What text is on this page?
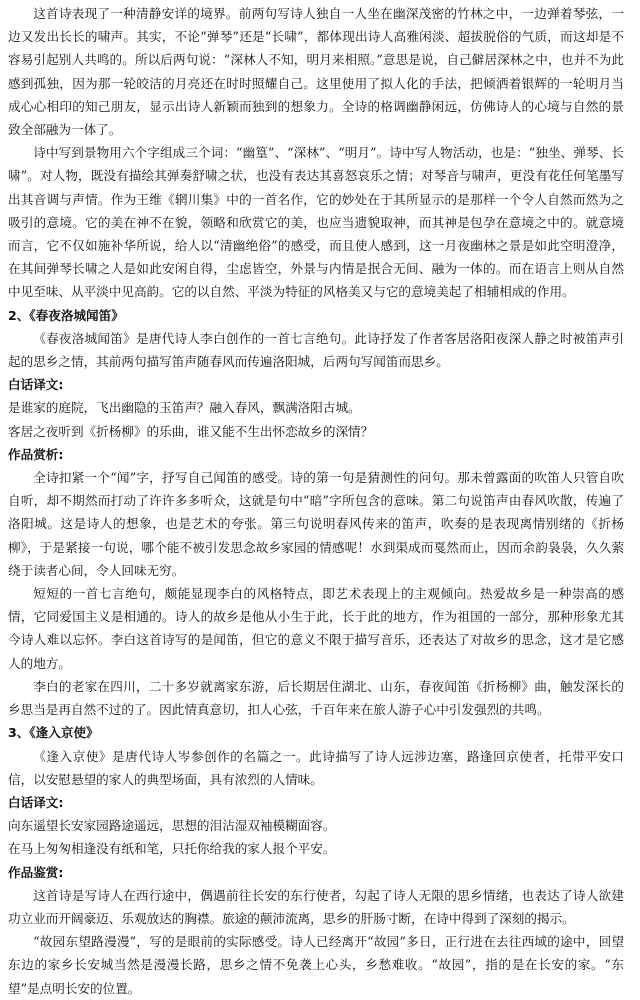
这首诗表现了一种清静安详的境界。前两句写诗人独自一人坐在幽深茂密的竹林之中，一边弹着琴弦，一边又发出长长的啸声。其实，不论“弹琴”还是“长啸”，都体现出诗人高雅闲淡、超拔脱俗的气质，而这却是不容易引起别人共鸣的。所以后两句说：“深林人不知，明月来相照。”意思是说，自己僻居深林之中，也并不为此感到孤独，因为那一轮皎洁的月亮还在时时照耀自己。这里使用了拟人化的手法，把倾洒着银辉的一轮明月当成心心相印的知己朋友，显示出诗人新颖而独到的想象力。全诗的格调幽静闲远，仿佛诗人的心境与自然的景致全部融为一体了。

诗中写到景物用六个字组成三个词：“幽篁”、“深林”、“明月”。诗中写人物活动，也是：“独坐、弹琴、长啸”。对人物，既没有描绘其弹奏舒啸之状，也没有表达其喜怒哀乐之情；对琴音与啸声，更没有花任何笔墨写出其音调与声情。作为王维《辋川集》中的一首名作，它的妙处在于其所显示的是那样一个令人自然而然为之吸引的意境。它的美在神不在貌，领略和欣赏它的美，也应当遗貌取神，而其神是包孕在意境之中的。就意境而言，它不仅如施补华所说，给人以“清幽绝俗”的感受，而且使人感到，这一月夜幽林之景是如此空明澄净，在其间弹琴长啸之人是如此安闲自得，尘虑皆空，外景与内情是抿合无间、融为一体的。而在语言上则从自然中见至味、从平淡中见高韵。它的以自然、平淡为特征的风格美又与它的意境美起了相辅相成的作用。

2、《春夜洛城闻笛》

《春夜洛城闻笛》是唐代诗人李白创作的一首七言绝句。此诗抒发了作者客居洛阳夜深人静之时被笛声引起的思乡之情，其前两句描写笛声随春风而传遍洛阳城，后两句写闻笛而思乡。

白话译文:

是谁家的庭院，飞出幽隐的玉笛声？融入春风，飘满洛阳古城。

客居之夜听到《折杨柳》的乐曲，谁又能不生出怀恋故乡的深情？

作品赏析:

全诗扣紧一个“闻”字，抒写自己闻笛的感受。诗的第一句是猜测性的问句。那未曾露面的吹笛人只管自吹自听，却不期然而打动了许许多多听众，这就是句中“暗”字所包含的意味。第二句说笛声由春风吹散，传遍了洛阳城。这是诗人的想象，也是艺术的夸张。第三句说明春风传来的笛声，吹奏的是表现离情别绪的《折杨柳》，于是紧接一句说，哪个能不被引发思念故乡家园的情感呢！水到渠成而戛然而止，因而余韵袅袅，久久萦绕于读者心间，令人回味无穷。

短短的一首七言绝句，颇能显现李白的风格特点，即艺术表现上的主观倾向。热爱故乡是一种崇高的感情，它同爱国主义是相通的。诗人的故乡是他从小生于此，长于此的地方，作为祖国的一部分，那种形象尤其今诗人难以忘怀。李白这首诗写的是闻笛，但它的意义不限于描写音乐，还表达了对故乡的思念，这才是它感人的地方。

李白的老家在四川，二十多岁就离家东游，后长期居住湖北、山东，春夜闻笛《折杨柳》曲，触发深长的乡思当是再自然不过的了。因此情真意切，扣人心弦，千百年来在旅人游子心中引发强烈的共鸣。

3、《逢入京使》

《逢入京使》是唐代诗人岑参创作的名篇之一。此诗描写了诗人远涉边塞，路逢回京使者，托带平安口信，以安慰悬望的家人的典型场面，具有浓烈的人情味。

白话译文:

向东遥望长安家园路途遥远，思想的泪沾湿双袖模糊面容。

在马上匆匆相逢没有纸和笔，只托你给我的家人报个平安。

作品鉴赏:

这首诗是写诗人在西行途中，偶遇前往长安的东行使者，勾起了诗人无限的思乡情绪，也表达了诗人欲建功立业而开阔豪迈、乐观放达的胸襟。旅途的颠沛流离，思乡的肝肠寸断，在诗中得到了深刻的揭示。

“故园东望路漫漫”，写的是眼前的实际感受。诗人已经离开“故园”多日，正行进在去往西域的途中，回望东边的家乡长安城当然是漫漫长路，思乡之情不免袭上心头，乡愁难收。“故园”，指的是在长安的家。“东望”是点明长安的位置。
